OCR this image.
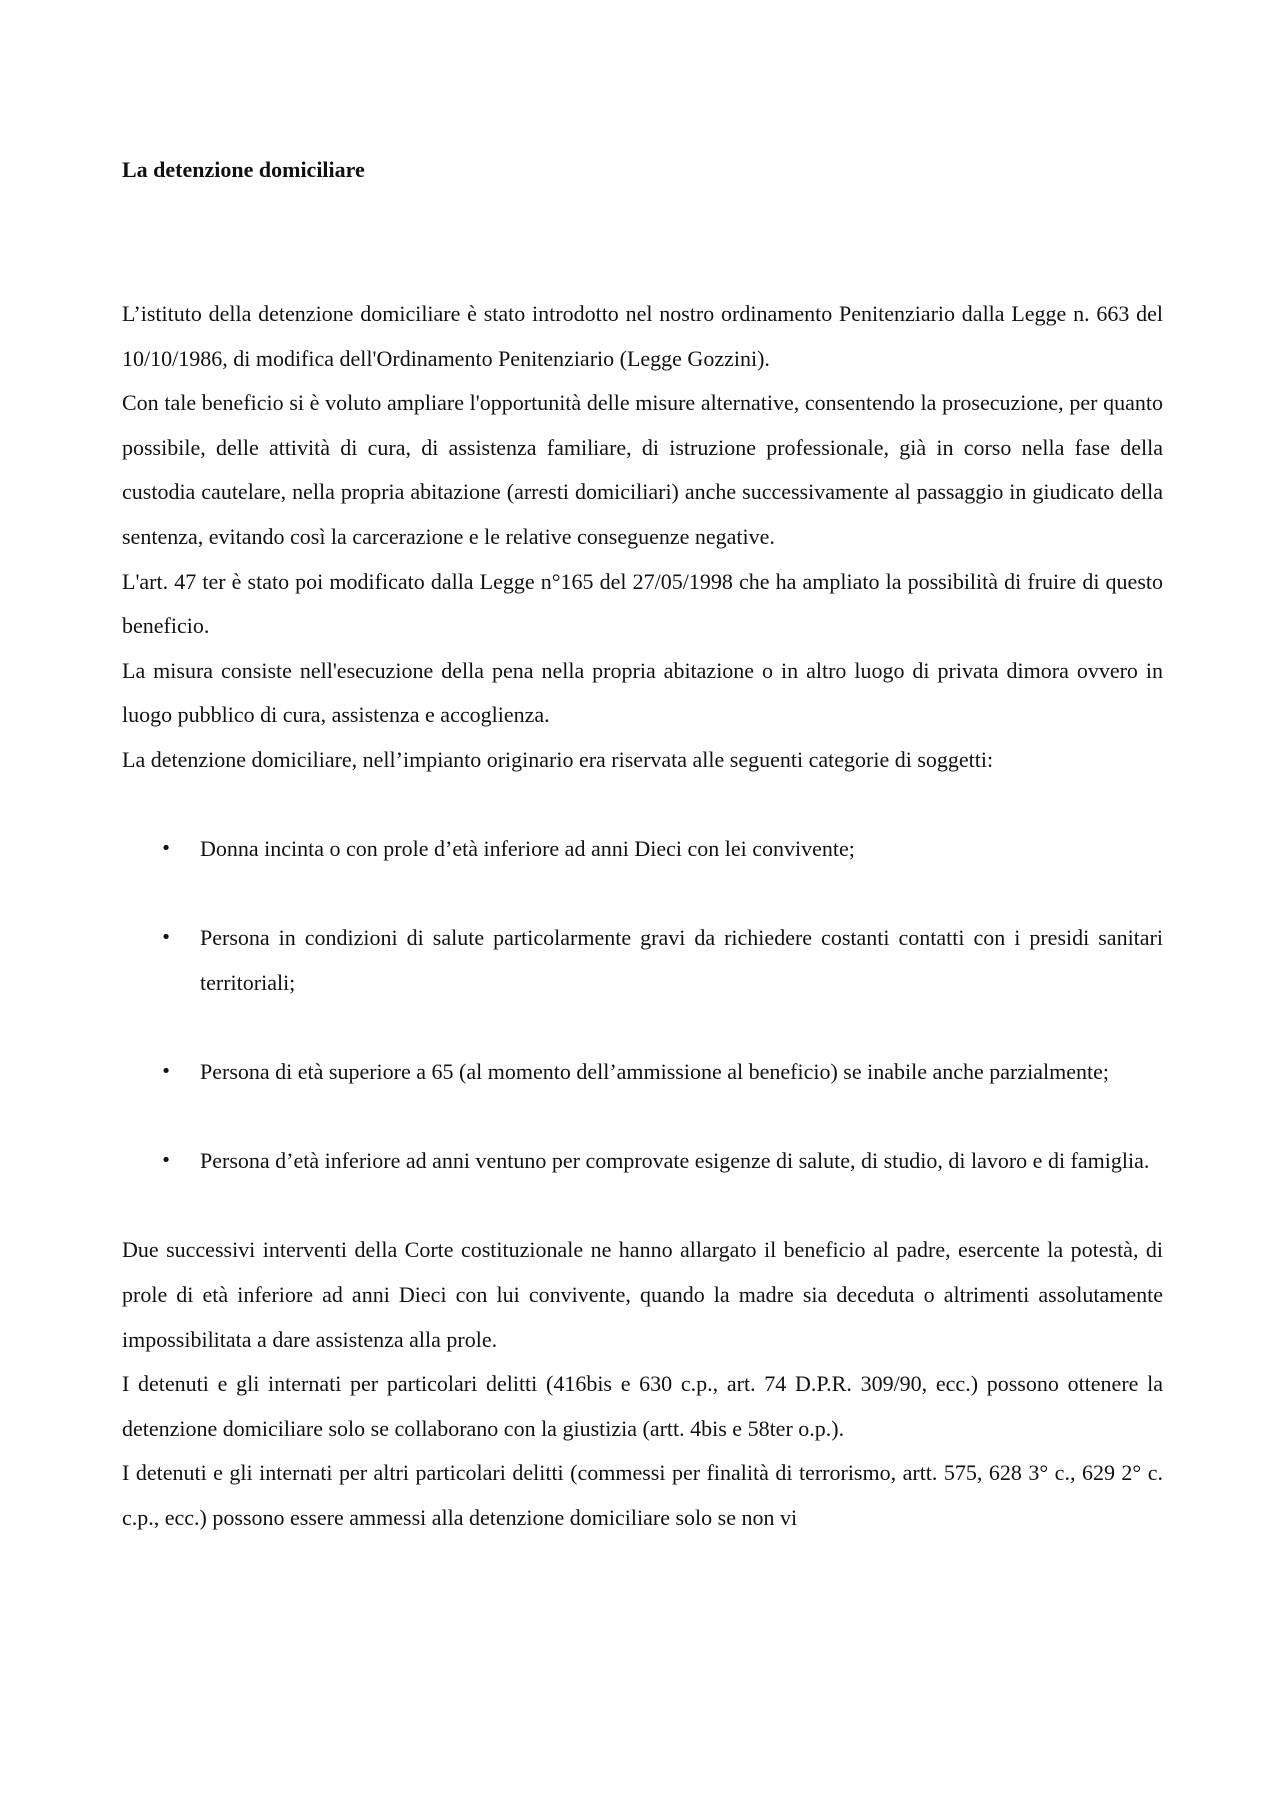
La detenzione domiciliare

L’istituto della detenzione domiciliare è stato introdotto nel nostro ordinamento Penitenziario dalla Legge n. 663 del 10/10/1986, di modifica dell'Ordinamento Penitenziario (Legge Gozzini).

Con tale beneficio si è voluto ampliare l'opportunità delle misure alternative, consentendo la prosecuzione, per quanto possibile, delle attività di cura, di assistenza familiare, di istruzione professionale, già in corso nella fase della custodia cautelare, nella propria abitazione (arresti domiciliari) anche successivamente al passaggio in giudicato della sentenza, evitando così la carcerazione e le relative conseguenze negative.

L'art. 47 ter è stato poi modificato dalla Legge n°165 del 27/05/1998 che ha ampliato la possibilità di fruire di questo beneficio.

La misura consiste nell'esecuzione della pena nella propria abitazione o in altro luogo di privata dimora ovvero in luogo pubblico di cura, assistenza e accoglienza.

La detenzione domiciliare, nell’impianto originario era riservata alle seguenti categorie di soggetti:

• Donna incinta o con prole d’età inferiore ad anni Dieci con lei convivente;
• Persona in condizioni di salute particolarmente gravi da richiedere costanti contatti con i presidi sanitari territoriali;
• Persona di età superiore a 65 (al momento dell’ammissione al beneficio) se inabile anche parzialmente;
• Persona d’età inferiore ad anni ventuno per comprovate esigenze di salute, di studio, di lavoro e di famiglia.

Due successivi interventi della Corte costituzionale ne hanno allargato il beneficio al padre, esercente la potestà, di prole di età inferiore ad anni Dieci con lui convivente, quando la madre sia deceduta o altrimenti assolutamente impossibilitata a dare assistenza alla prole.

I detenuti e gli internati per particolari delitti (416bis e 630 c.p., art. 74 D.P.R. 309/90, ecc.) possono ottenere la detenzione domiciliare solo se collaborano con la giustizia (artt. 4bis e 58ter o.p.).

I detenuti e gli internati per altri particolari delitti (commessi per finalità di terrorismo, artt. 575, 628 3° c., 629 2° c. c.p., ecc.) possono essere ammessi alla detenzione domiciliare solo se non vi
